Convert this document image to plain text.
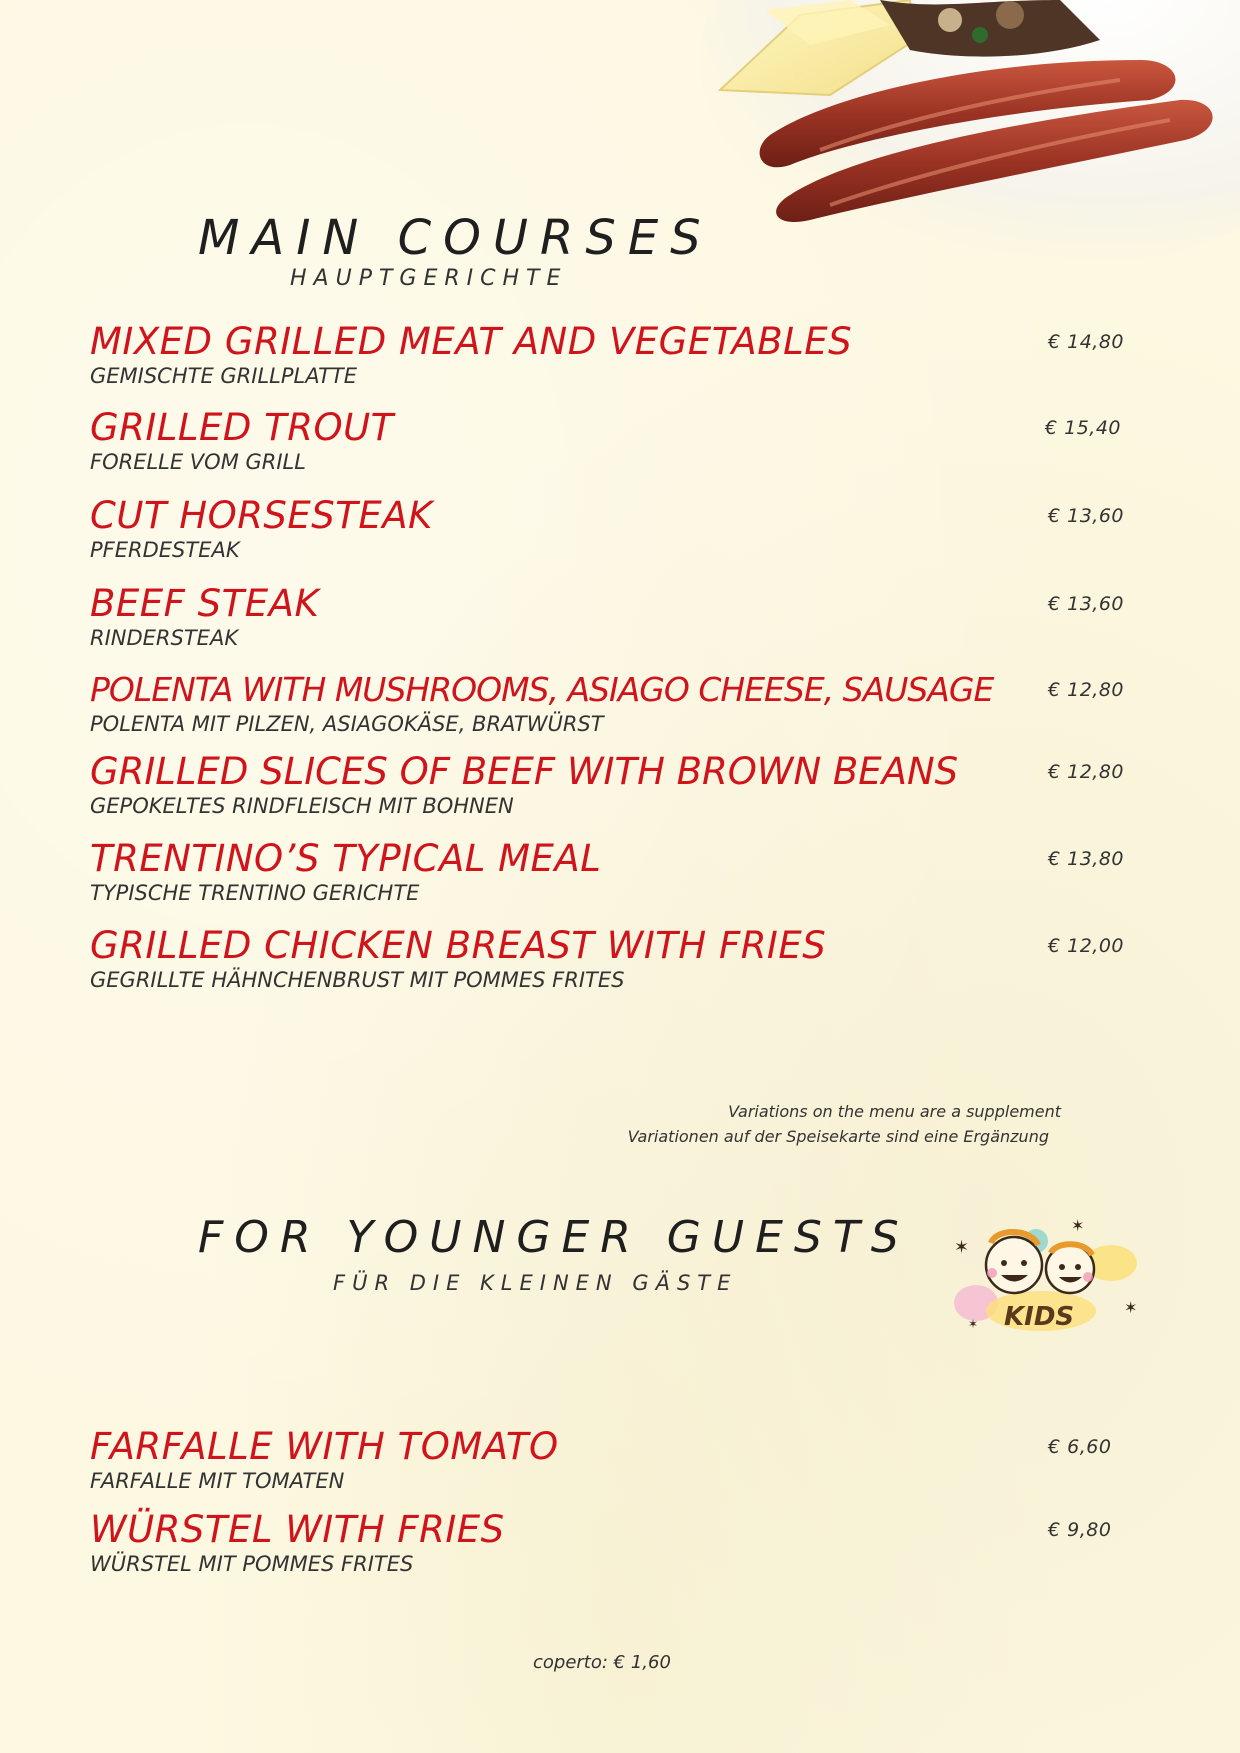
MAIN COURSES
HAUPTGERICHTE
MIXED GRILLED MEAT AND VEGETABLES
GEMISCHTE GRILLPLATTE
€ 14,80
GRILLED TROUT
FORELLE VOM GRILL
€ 15,40
CUT HORSESTEAK
PFERDESTEAK
€ 13,60
BEEF STEAK
RINDERSTEAK
€ 13,60
POLENTA WITH MUSHROOMS, ASIAGO CHEESE, SAUSAGE
POLENTA MIT PILZEN, ASIAGOKÄSE, BRATWÜRST
€ 12,80
GRILLED SLICES OF BEEF WITH BROWN BEANS
GEPOKELTES RINDFLEISCH MIT BOHNEN
€ 12,80
TRENTINO’S TYPICAL MEAL
TYPISCHE TRENTINO GERICHTE
€ 13,80
GRILLED CHICKEN BREAST WITH FRIES
GEGRILLTE HÄHNCHENBRUST MIT POMMES FRITES
€ 12,00
Variations on the menu are a supplement
Variationen auf der Speisekarte sind eine Ergänzung
FOR YOUNGER GUESTS
FÜR DIE KLEINEN GÄSTE
KIDS
✶
✶
✶
✶
FARFALLE WITH TOMATO
FARFALLE MIT TOMATEN
€ 6,60
WÜRSTEL WITH FRIES
WÜRSTEL MIT POMMES FRITES
€ 9,80
coperto: € 1,60
